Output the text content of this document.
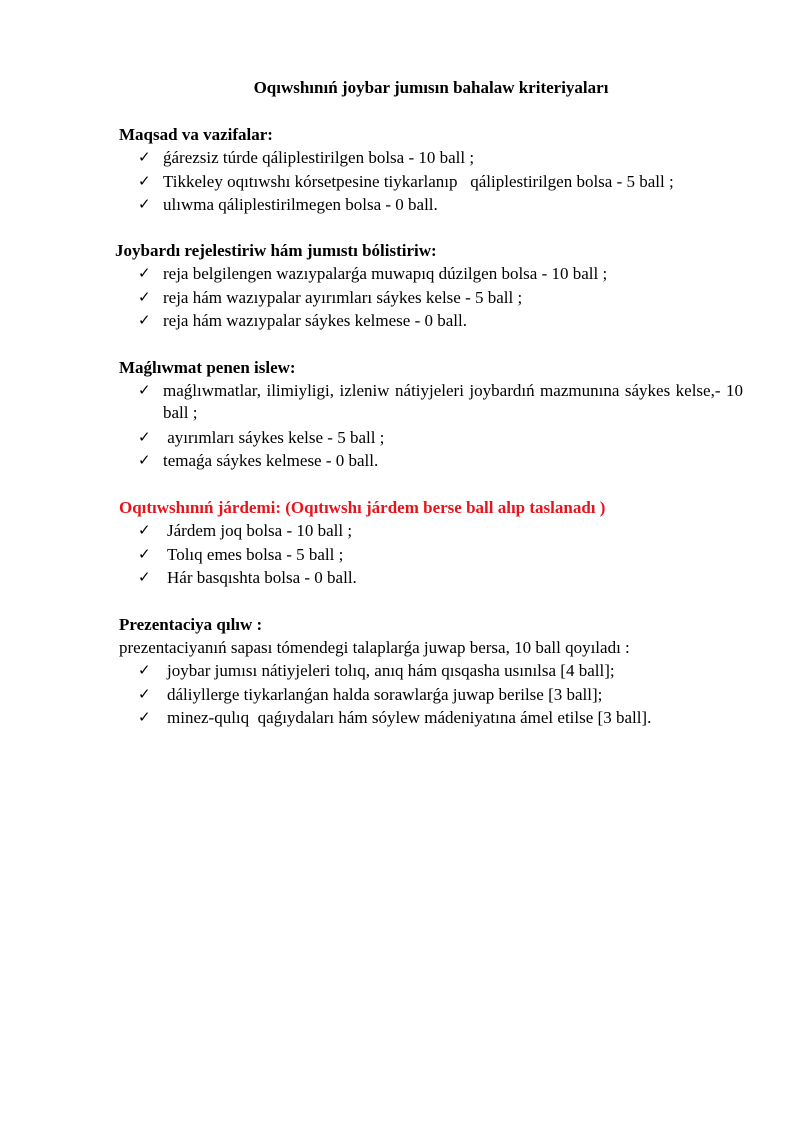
Oqıwshınıń joybar jumısın bahalaw kriteriyaları
Maqsad va vazifalar:
✓ ǵárezsiz túrde qáliplestirilgen bolsa - 10 ball ;
✓ Tikkeley oqıtıwshı kórsetpesine tiykarlanıp   qáliplestirilgen bolsa - 5 ball ;
✓ ulıwma qáliplestirilmegen bolsa - 0 ball.
Joybardı rejelestiriw hám jumıstı bólistiriw:
✓ reja belgilengen wazıypalarǵa muwapıq dúzilgen bolsa - 10 ball ;
✓ reja hám wazıypalar ayırımları sáykes kelse - 5 ball ;
✓ reja hám wazıypalar sáykes kelmese - 0 ball.
Maǵlıwmat penen islew:
✓ maǵlıwmatlar, ilimiyligi, izleniw nátiyjeleri joybardıń mazmunına sáykes kelse,- 10 ball ;
✓ ayırımları sáykes kelse - 5 ball ;
✓ temaǵa sáykes kelmese - 0 ball.
Oqıtıwshınıń járdemi: (Oqıtıwshı járdem berse ball alıp taslanadı )
✓ Járdem joq bolsa - 10 ball ;
✓ Tolıq emes bolsa - 5 ball ;
✓ Hár basqıshta bolsa - 0 ball.
Prezentaciya qılıw :
prezentaciyanıń sapası tómendegi talaplarǵa juwap bersa, 10 ball qoyıladı :
✓ joybar jumısı nátiyjeleri tolıq, anıq hám qısqasha usınılsa [4 ball];
✓ dáliyllerge tiykarlanǵan halda sorawlarǵa juwap berilse [3 ball];
✓ minez-qulıq  qaǵıydaları hám sóylew mádeniyatına ámel etilse [3 ball].
